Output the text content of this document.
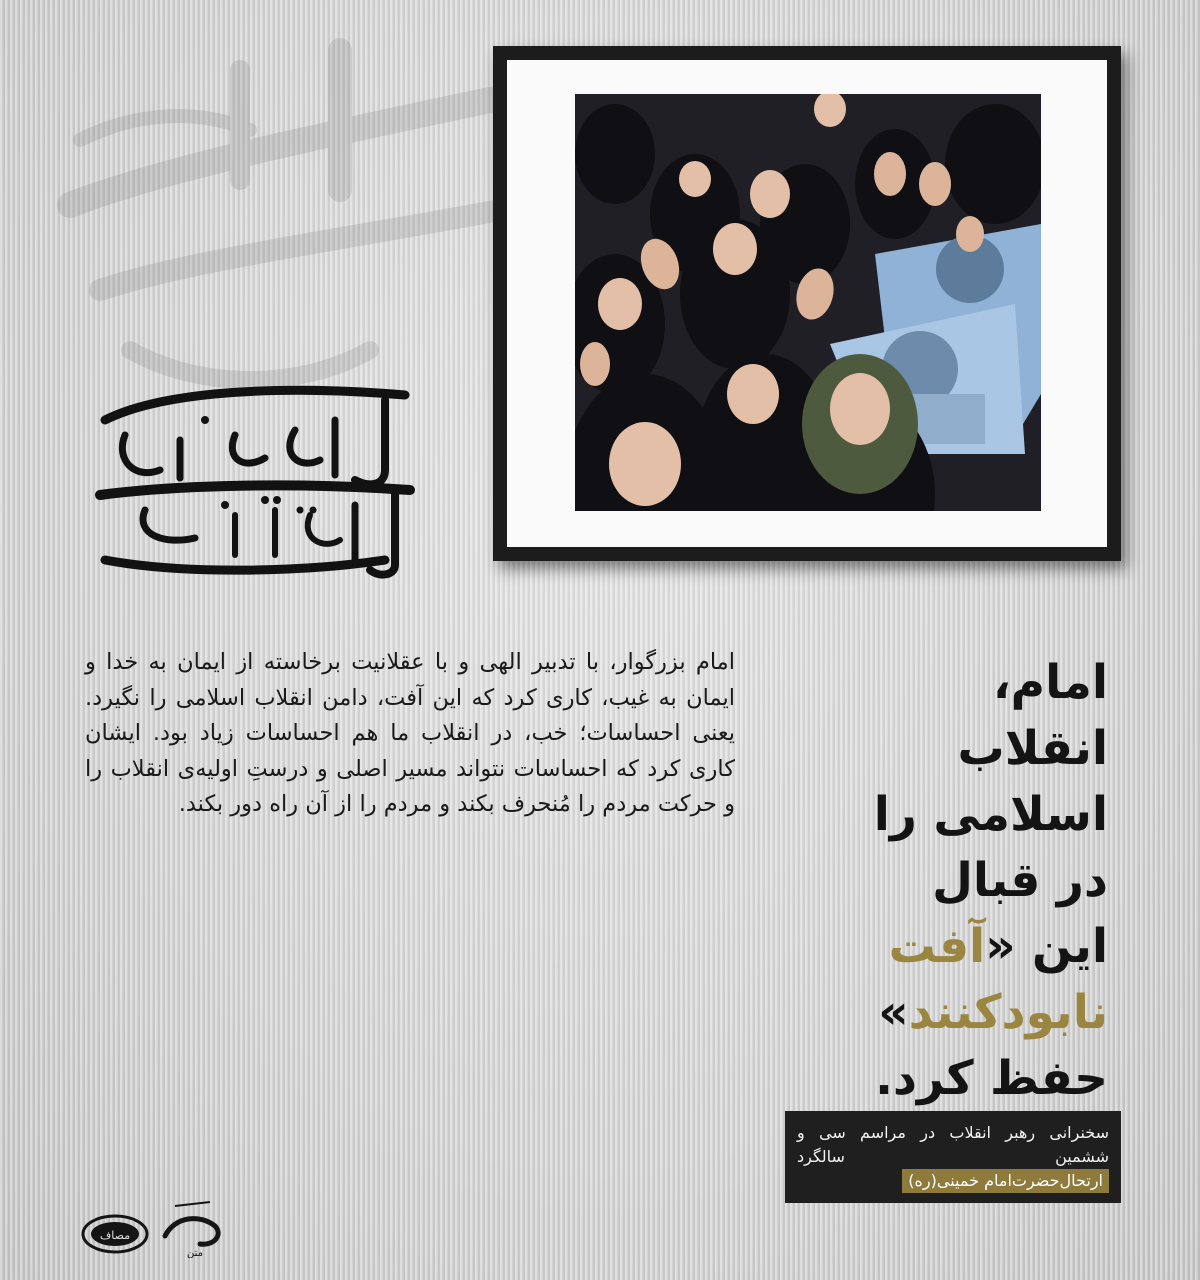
امام،
انقلاب
اسلامی را
در قبال
این «آفت
نابودکنند»
حفظ کرد.

امام بزرگوار، با تدبیر الهی و با عقلانیت برخاسته از ایمان به خدا و ایمان به غیب، کاری کرد که این آفت، دامن انقلاب اسلامی را نگیرد. یعنی احساسات؛ خب، در انقلاب ما هم احساسات زیاد بود. ایشان کاری کرد که احساسات نتواند مسیر اصلی و درستِ اولیه‌ی انقلاب را و حرکت مردم را مُنحرف بکند و مردم را از آن راه دور بکند.

سخنرانی رهبر انقلاب در مراسم سی و ششمین سالگرد ارتحال‌حضرت‌امام خمینی(ره)
مصاف
متن
